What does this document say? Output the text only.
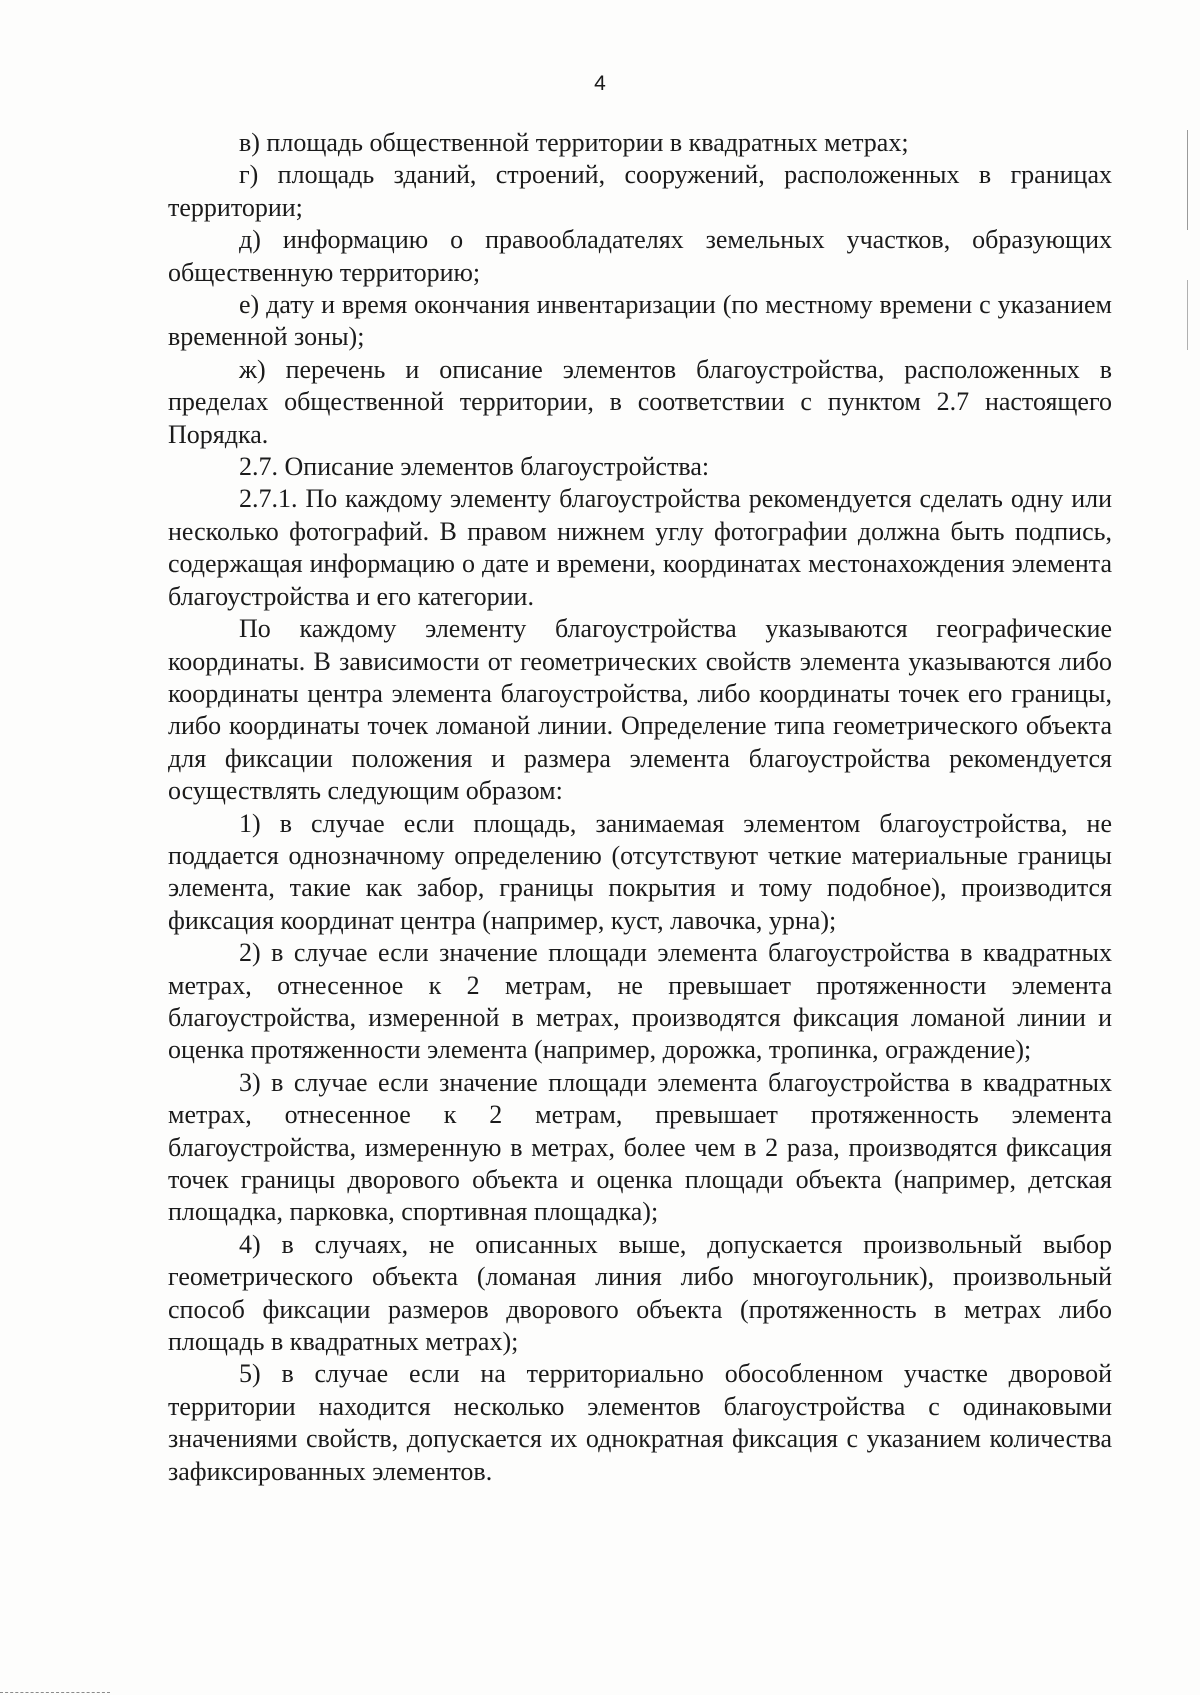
4

в) площадь общественной территории в квадратных метрах;

г) площадь зданий, строений, сооружений, расположенных в границах территории;

д) информацию о правообладателях земельных участков, образующих общественную территорию;

е) дату и время окончания инвентаризации (по местному времени с указанием временной зоны);

ж) перечень и описание элементов благоустройства, расположенных в пределах общественной территории, в соответствии с пунктом 2.7 настоящего Порядка.

2.7. Описание элементов благоустройства:

2.7.1. По каждому элементу благоустройства рекомендуется сделать одну или несколько фотографий. В правом нижнем углу фотографии должна быть подпись, содержащая информацию о дате и времени, координатах местонахождения элемента благоустройства и его категории.

По каждому элементу благоустройства указываются географические координаты. В зависимости от геометрических свойств элемента указываются либо координаты центра элемента благоустройства, либо координаты точек его границы, либо координаты точек ломаной линии. Определение типа геометрического объекта для фиксации положения и размера элемента благоустройства рекомендуется осуществлять следующим образом:

1) в случае если площадь, занимаемая элементом благоустройства, не поддается однозначному определению (отсутствуют четкие материальные границы элемента, такие как забор, границы покрытия и тому подобное), производится фиксация координат центра (например, куст, лавочка, урна);

2) в случае если значение площади элемента благоустройства в квадратных метрах, отнесенное к 2 метрам, не превышает протяженности элемента благоустройства, измеренной в метрах, производятся фиксация ломаной линии и оценка протяженности элемента (например, дорожка, тропинка, ограждение);

3) в случае если значение площади элемента благоустройства в квадратных метрах, отнесенное к 2 метрам, превышает протяженность элемента благоустройства, измеренную в метрах, более чем в 2 раза, производятся фиксация точек границы дворового объекта и оценка площади объекта (например, детская площадка, парковка, спортивная площадка);

4) в случаях, не описанных выше, допускается произвольный выбор геометрического объекта (ломаная линия либо многоугольник), произвольный способ фиксации размеров дворового объекта (протяженность в метрах либо площадь в квадратных метрах);

5) в случае если на территориально обособленном участке дворовой территории находится несколько элементов благоустройства с одинаковыми значениями свойств, допускается их однократная фиксация с указанием количества зафиксированных элементов.
